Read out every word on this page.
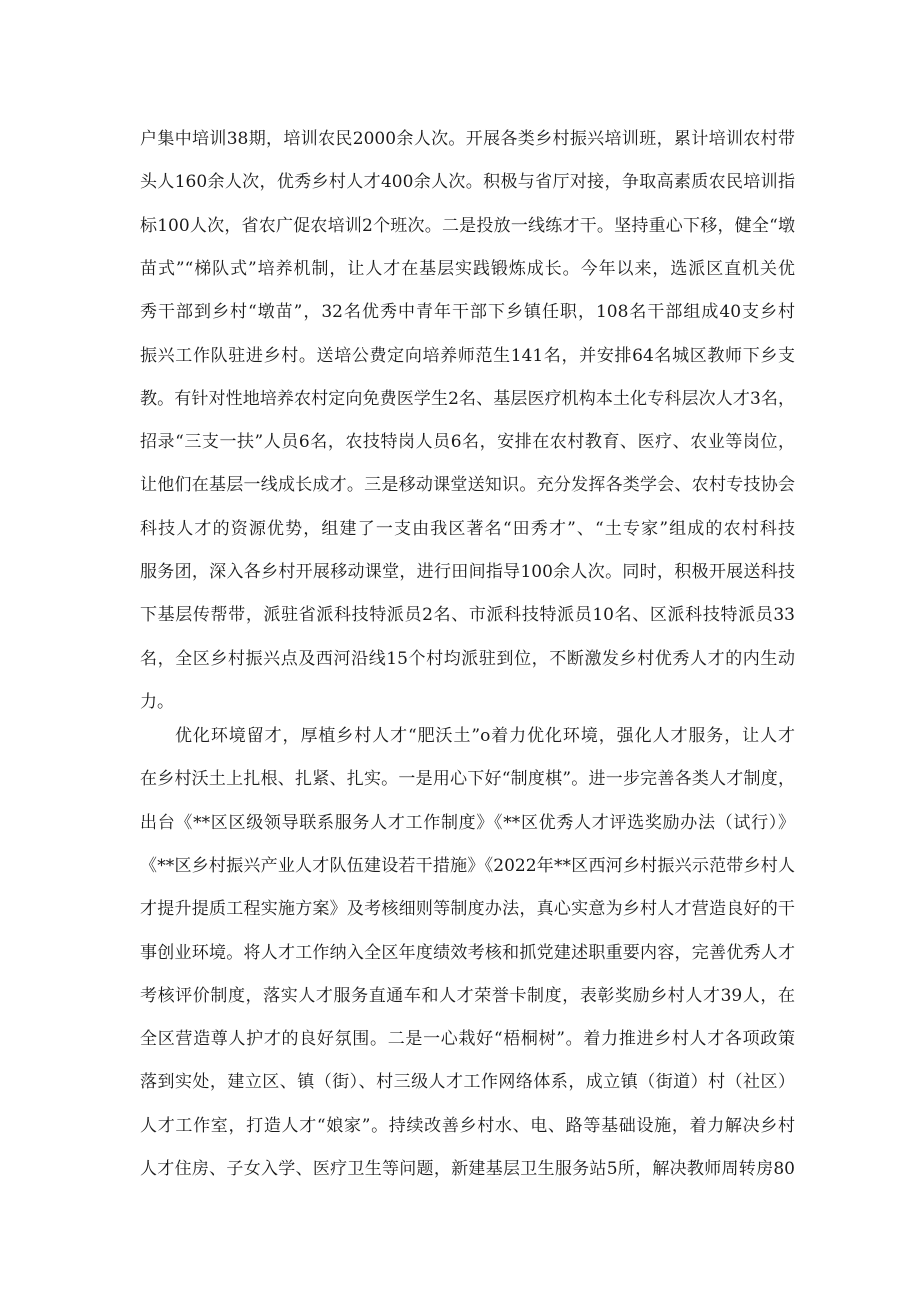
户集中培训38期，培训农民2000余人次。开展各类乡村振兴培训班，累计培训农村带
头人160余人次，优秀乡村人才400余人次。积极与省厅对接，争取高素质农民培训指
标100人次，省农广促农培训2个班次。二是投放一线练才干。坚持重心下移，健全“墩
苗式”“梯队式”培养机制，让人才在基层实践锻炼成长。今年以来，选派区直机关优
秀干部到乡村“墩苗”，32名优秀中青年干部下乡镇任职，108名干部组成40支乡村
振兴工作队驻进乡村。送培公费定向培养师范生141名，并安排64名城区教师下乡支
教。有针对性地培养农村定向免费医学生2名、基层医疗机构本土化专科层次人才3名，
招录“三支一扶”人员6名，农技特岗人员6名，安排在农村教育、医疗、农业等岗位，
让他们在基层一线成长成才。三是移动课堂送知识。充分发挥各类学会、农村专技协会
科技人才的资源优势，组建了一支由我区著名“田秀才”、“土专家”组成的农村科技
服务团，深入各乡村开展移动课堂，进行田间指导100余人次。同时，积极开展送科技
下基层传帮带，派驻省派科技特派员2名、市派科技特派员10名、区派科技特派员33
名，全区乡村振兴点及西河沿线15个村均派驻到位，不断激发乡村优秀人才的内生动
力。
优化环境留才，厚植乡村人才“肥沃土”o着力优化环境，强化人才服务，让人才
在乡村沃土上扎根、扎紧、扎实。一是用心下好“制度棋”。进一步完善各类人才制度，
出台《**区区级领导联系服务人才工作制度》《**区优秀人才评选奖励办法（试行）》
《**区乡村振兴产业人才队伍建设若干措施》《2022年**区西河乡村振兴示范带乡村人
才提升提质工程实施方案》及考核细则等制度办法，真心实意为乡村人才营造良好的干
事创业环境。将人才工作纳入全区年度绩效考核和抓党建述职重要内容，完善优秀人才
考核评价制度，落实人才服务直通车和人才荣誉卡制度，表彰奖励乡村人才39人，在
全区营造尊人护才的良好氛围。二是一心栽好“梧桐树”。着力推进乡村人才各项政策
落到实处，建立区、镇（街）、村三级人才工作网络体系，成立镇（街道）村（社区）
人才工作室，打造人才“娘家”。持续改善乡村水、电、路等基础设施，着力解决乡村
人才住房、子女入学、医疗卫生等问题，新建基层卫生服务站5所，解决教师周转房80
